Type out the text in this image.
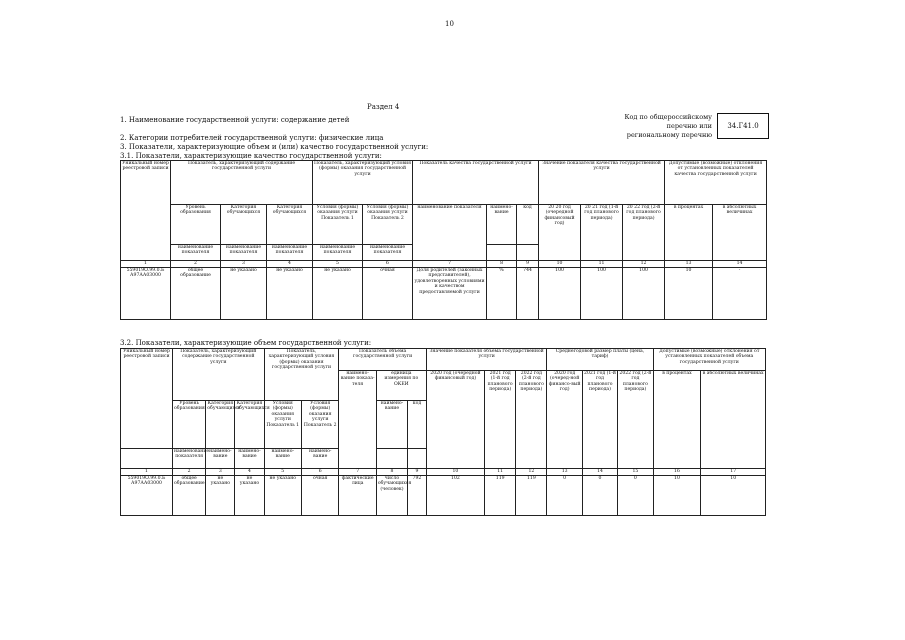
10
Раздел 4
1. Наименование государственной услуги: содержание детей
2. Категории потребителей государственной услуги: физические лица
3. Показатели, характеризующие объем и (или) качество государственной услуги:
3.1. Показатели, характеризующие качество государственной услуги:
3.2. Показатели, характеризующие объем государственной услуги:
Код по общероссийскому перечню или региональному перечню
34.Г41.0
Уникальный номер реестровой записи	Показатель, характеризующий содержание государственной услуги			Показатель, характеризующий условия (формы) оказания государственной услуги		Показатель качества государственной услуги			Значение показателя качества государственной услуги			Допустимые (возможные) отклонения от установленных показателей качества государственной услуги	
	Уровень образования	Категория обучающихся	Категория обучающихся	Условия (формы) оказания услуги Показатель 1	Условия (формы) оказания услуги Показатель 2	наименование показателя	наимено-вание	код	20 20 год (очередной финансовый год)	20 21 год (1-й год планового периода)	20 22 год (2-й год планового периода)	в процентах	в абсолютных величинах
	наименование показателя	наименование показателя	наименование показателя	наименование показателя	наименование показателя								
1	2	3	4	5	6	7	8	9	10	11	12	13	14
559019О.99.0.Б А97АА03000	общее образование	не указано	не указано	не указано	очная	Доля родителей (законных представителей), удовлетворенных условиями и качеством предоставляемой услуги	%	744	100	100	100	10	-
Уникальный номер реестровой записи	Показатель, характеризующий содержание государственной услуги			Показатель, характеризующий условия (формы) оказания государственной услуги		Показатель объема государственной услуги			Значение показателя объема государственной услуги			Среднегодовой размер платы (цена, тариф)			Допустимые (возможные) отклонения от установленных показателей объема государственной услуги	
						наимено-вание показа-теля	единица измерения по ОКЕИ		2020 год (очередной финансовый год)	2021 год (1-й год планового периода)	2022 год (2-й год планового периода)	2020 год (очеред-ной финансо-вый год)	2021 год (1-й год планового периода)	2022 год (2-й год планового периода)	в процентах	в абсолютных величинах
	Уровень образования	Категория обучающихся	Категория обучающихся	Условия (формы) оказания услуги Показатель 1	Условия (формы) оказания услуги Показатель 2		наимено-вание	код								
	наименование показателя	наимено-вание	наимено-вание	наимено-вание	наимено-вание											
1	2	3	4	5	6	7	8	9	10	11	12	13	14	15	16	17
559019О.99.0.Б А97АА03000	общее образование	не указано	не указано	не указано	очная	фактические лица	число обучающихся (человек)	792	102	119	119	0	0	0	10	10
